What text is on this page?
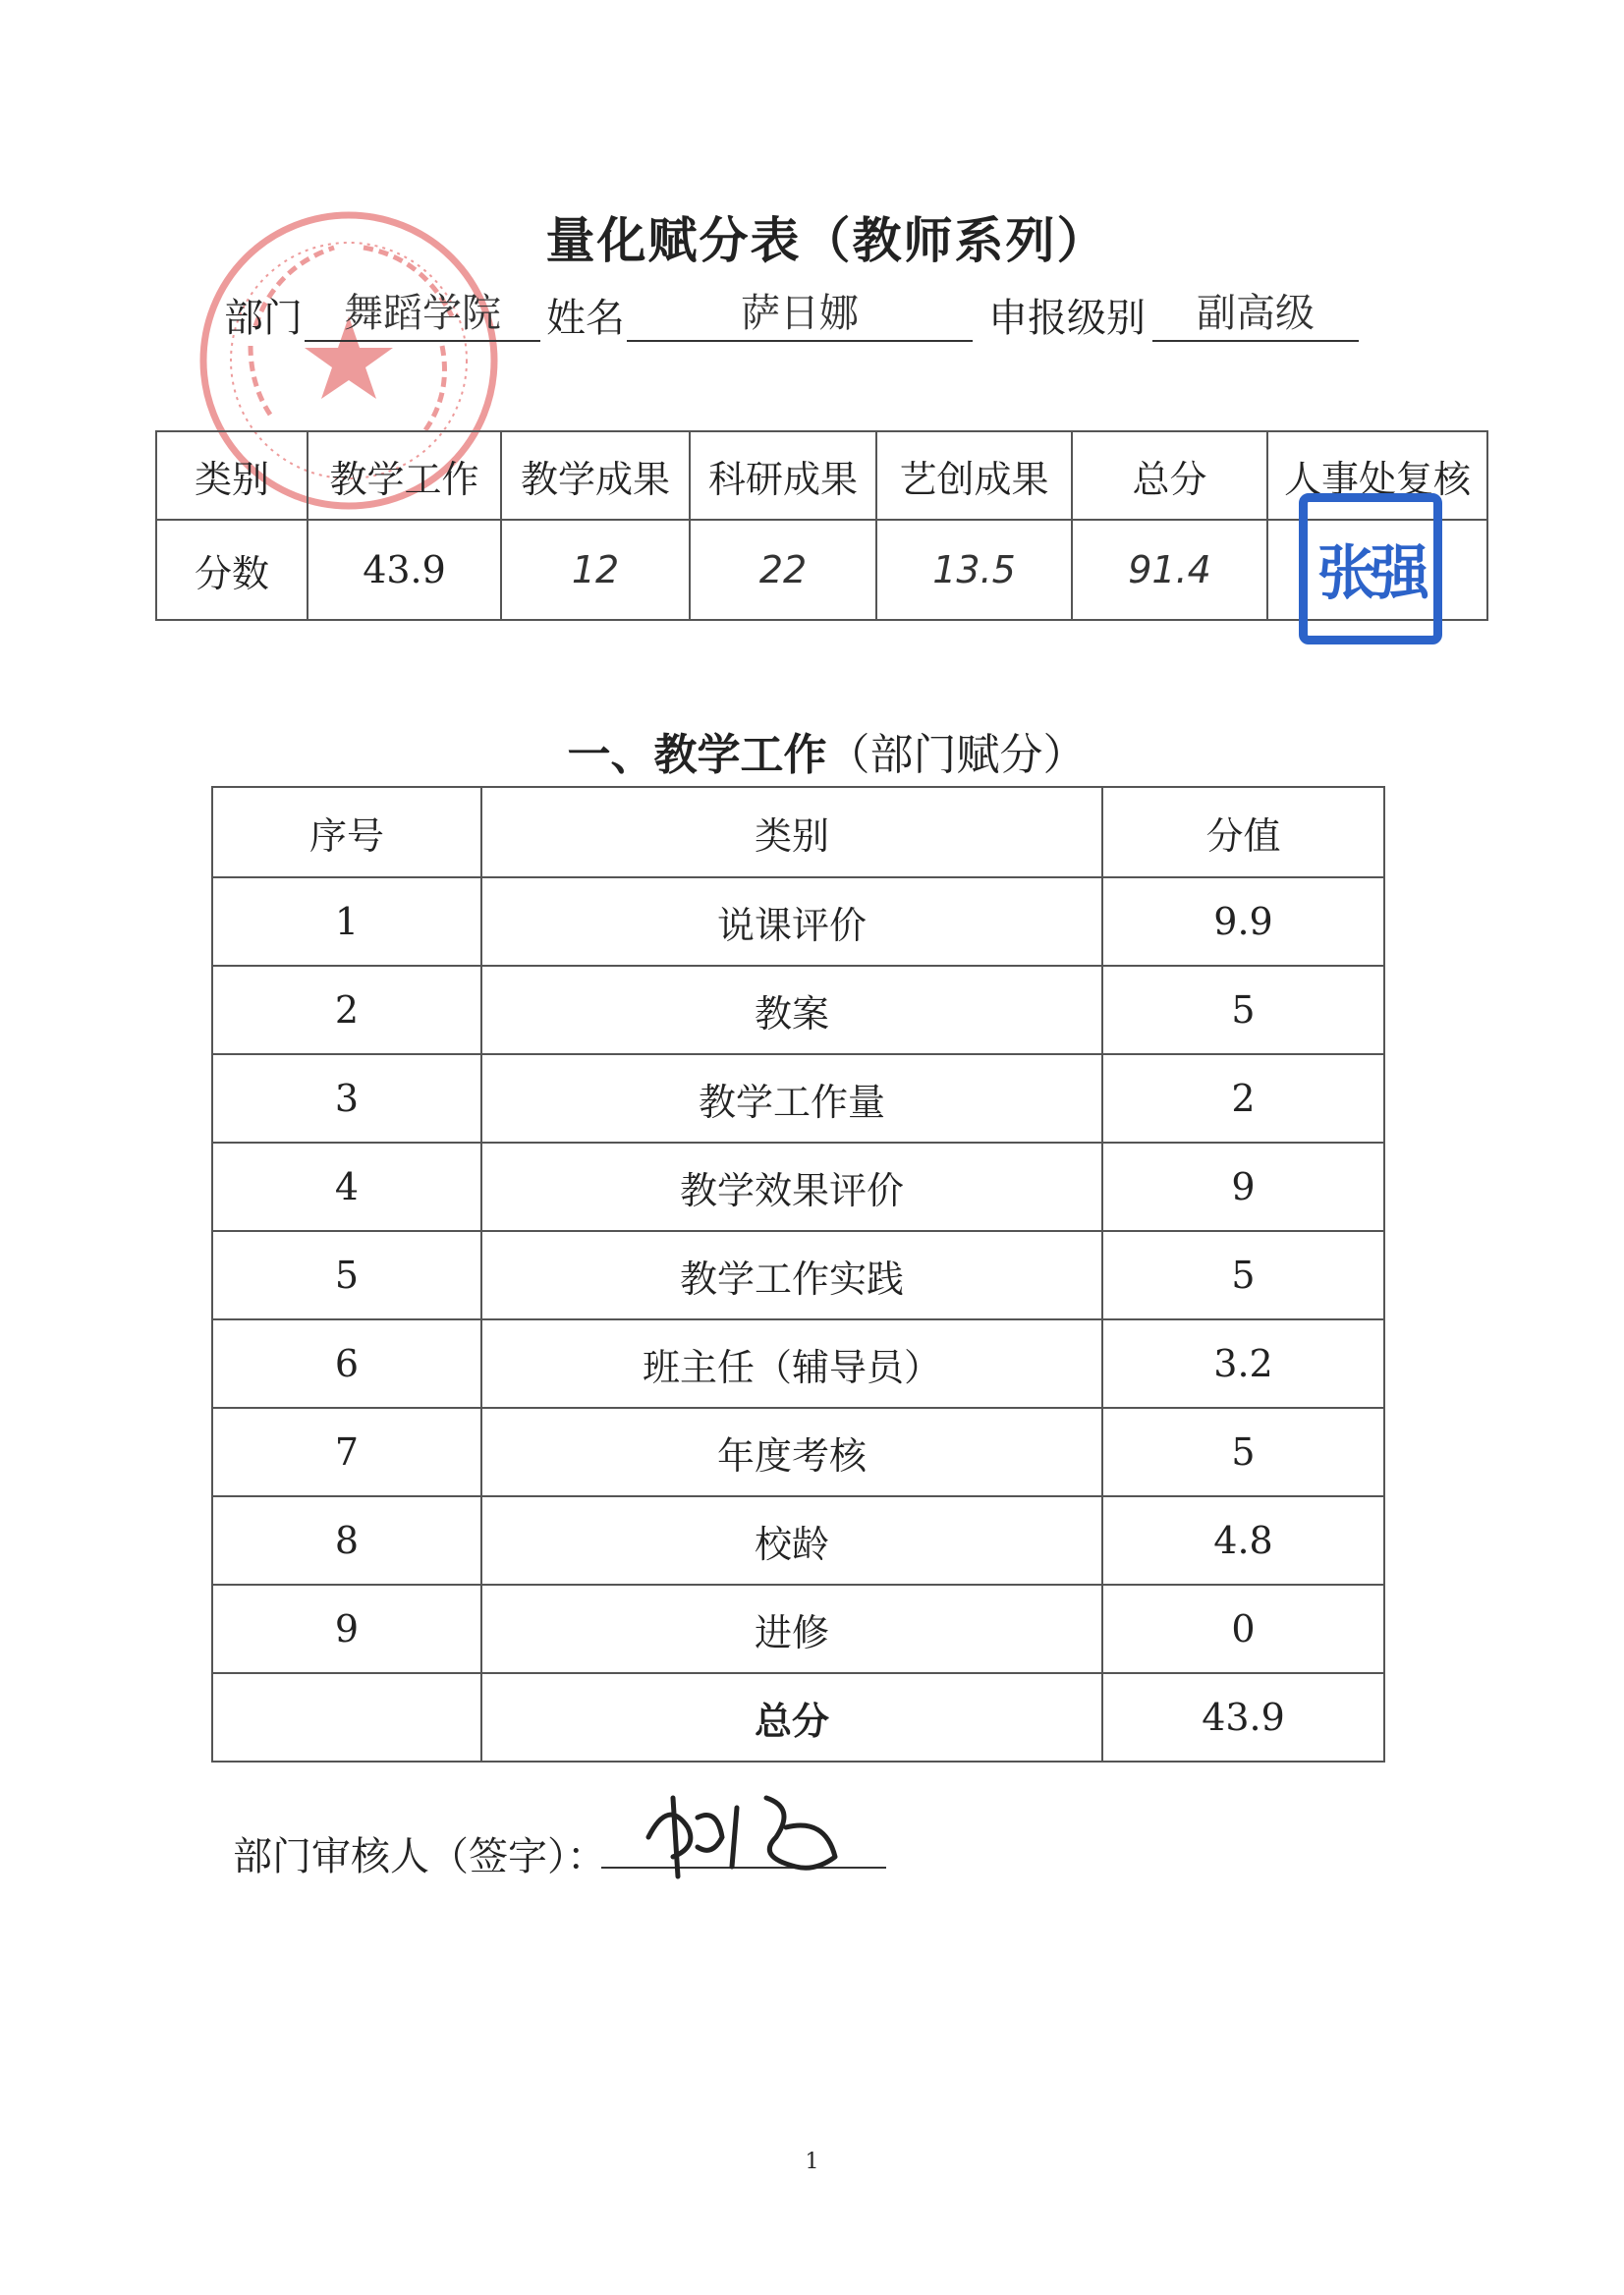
量化赋分表（教师系列）
部门	舞蹈学院	姓名	萨日娜	申报级别	副高级
类别	教学工作	教学成果	科研成果	艺创成果	总分	人事处复核
分数	43.9	12	22	13.5	91.4		张强
一、教学工作（部门赋分）
序号	类别	分值
1	说课评价	9.9
2	教案	5
3	教学工作量	2
4	教学效果评价	9
5	教学工作实践	5
6	班主任（辅导员）	3.2
7	年度考核	5
8	校龄	4.8
9	进修	0
	总分	43.9
部门审核人（签字）：
1
